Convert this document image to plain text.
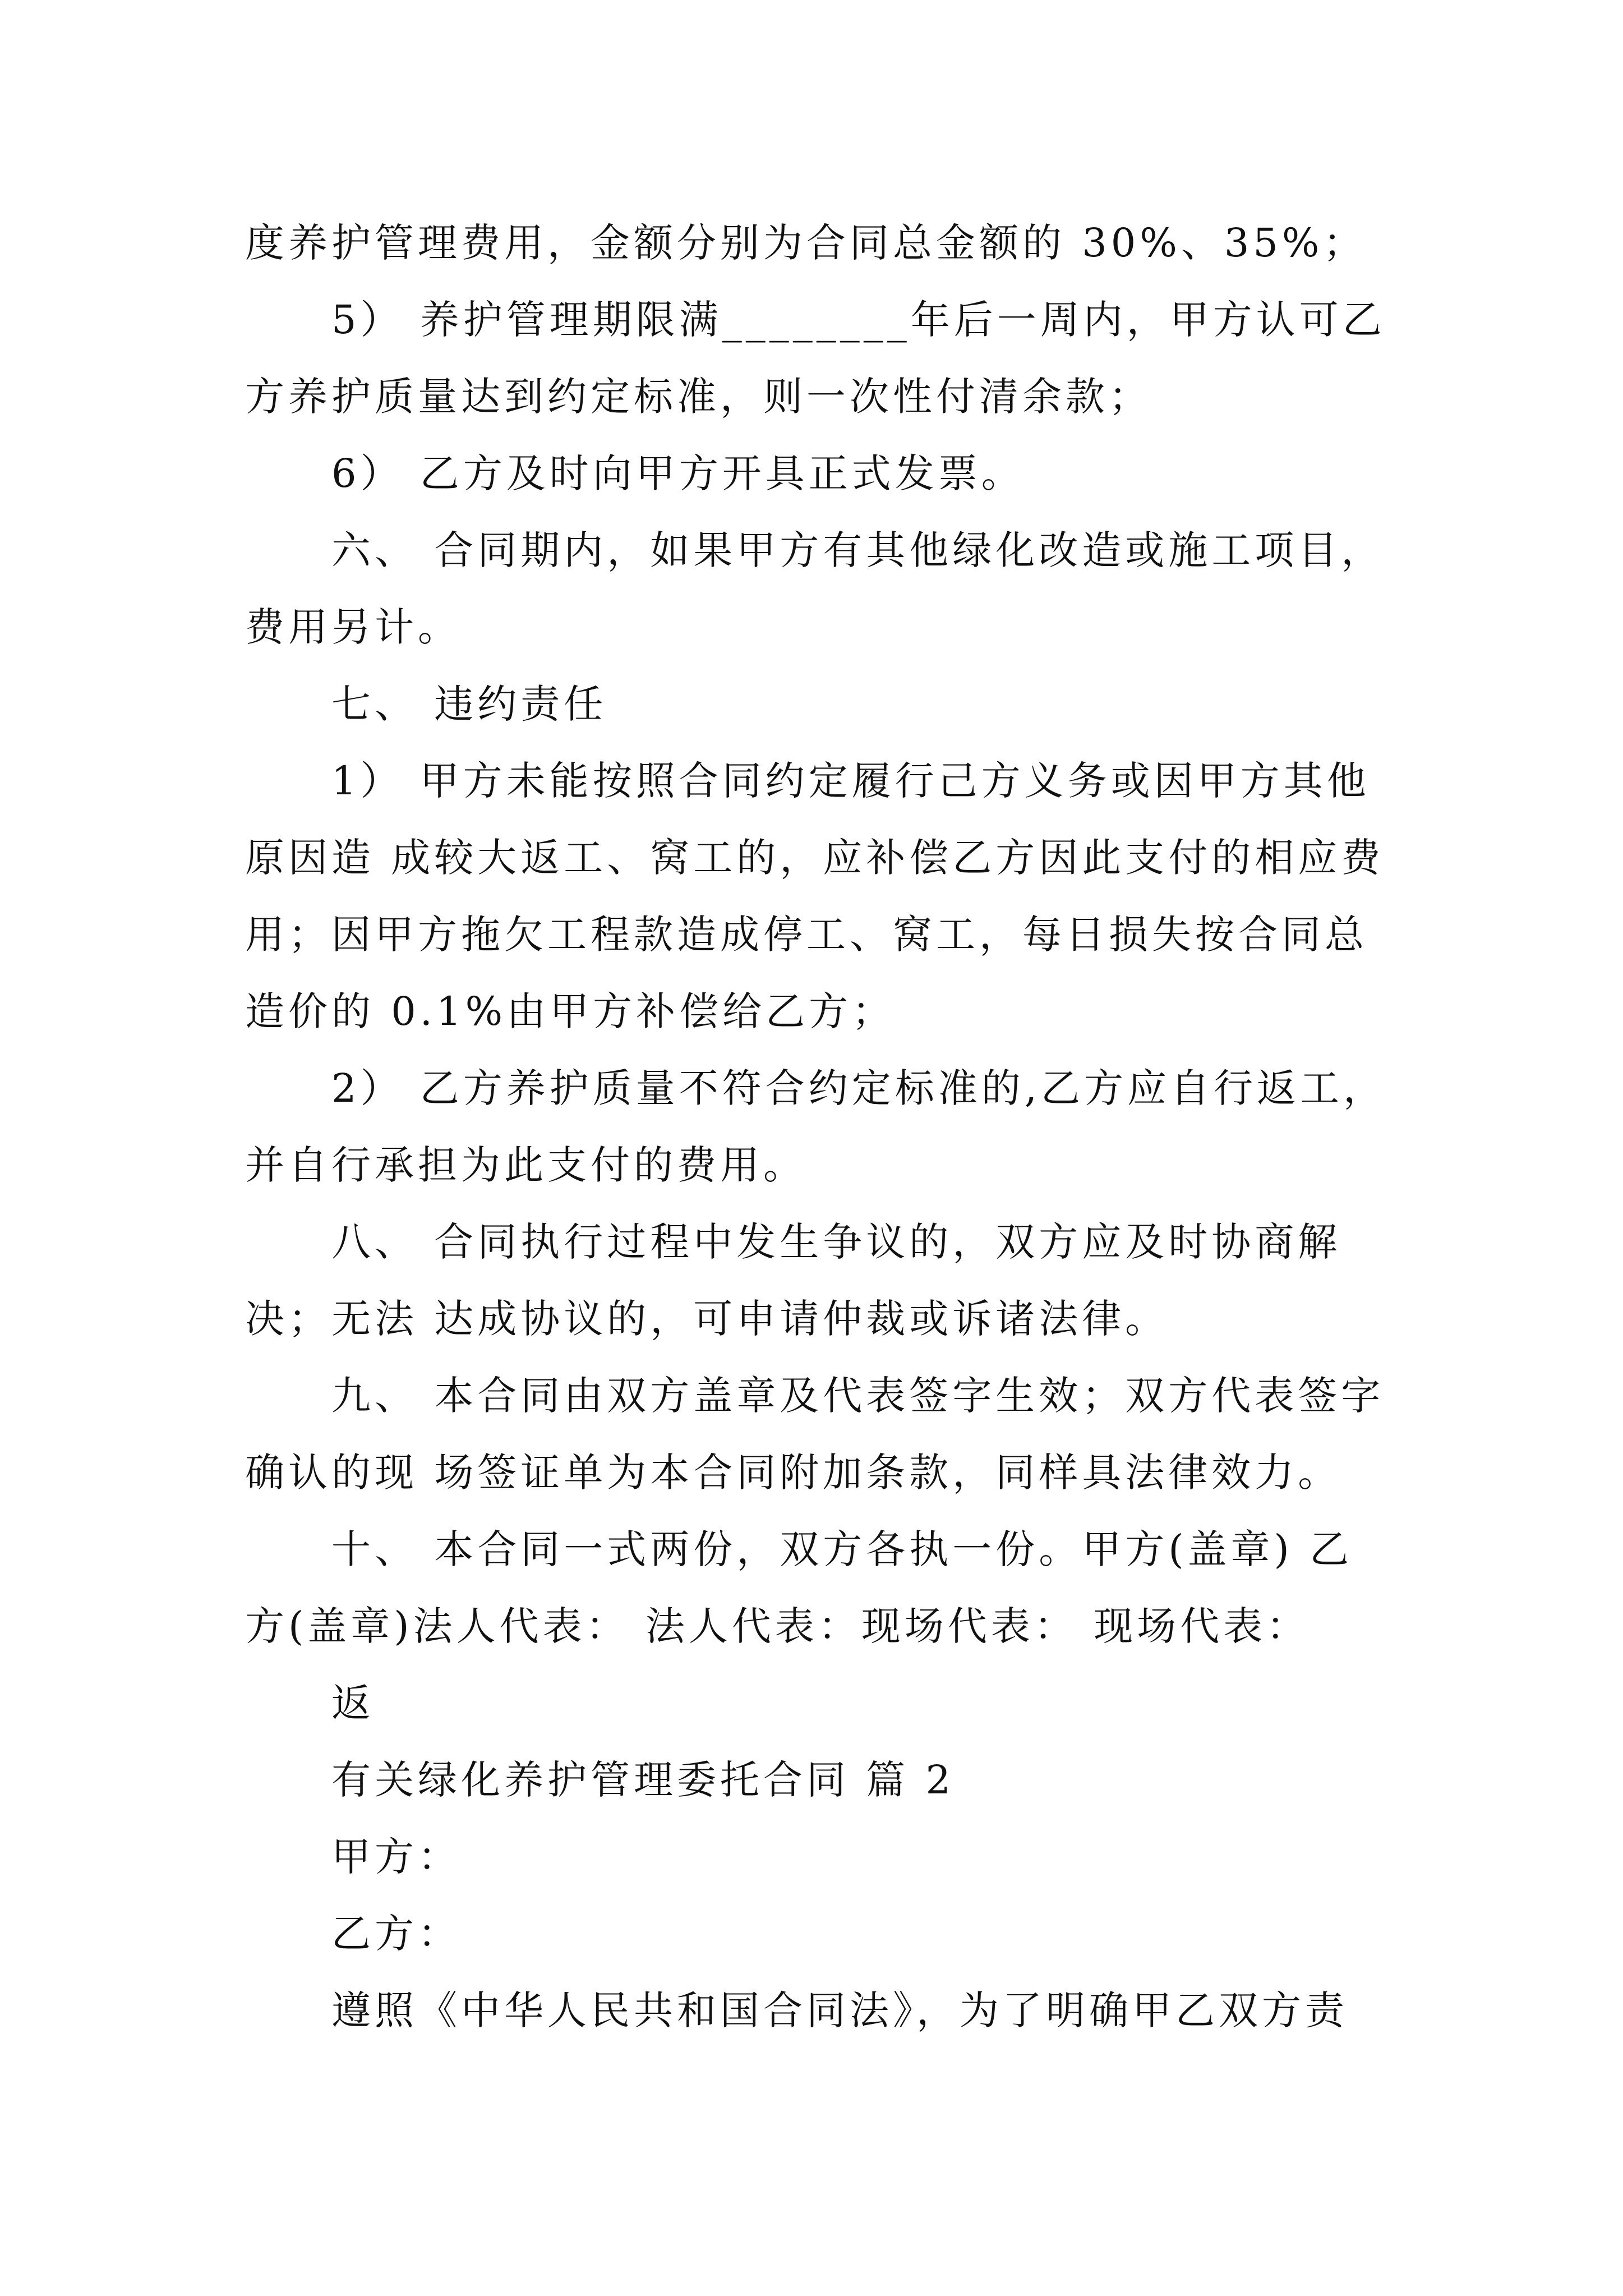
度养护管理费用，金额分别为合同总金额的 30%、35%；

5） 养护管理期限满________年后一周内，甲方认可乙方养护质量达到约定标准，则一次性付清余款；

6） 乙方及时向甲方开具正式发票。

六、 合同期内，如果甲方有其他绿化改造或施工项目，费用另计。

七、 违约责任

1） 甲方未能按照合同约定履行己方义务或因甲方其他原因造 成较大返工、窝工的，应补偿乙方因此支付的相应费用；因甲方拖欠工程款造成停工、窝工，每日损失按合同总造价的 0.1%由甲方补偿给乙方；

2） 乙方养护质量不符合约定标准的,乙方应自行返工，并自行承担为此支付的费用。

八、 合同执行过程中发生争议的，双方应及时协商解决；无法 达成协议的，可申请仲裁或诉诸法律。

九、 本合同由双方盖章及代表签字生效；双方代表签字确认的现 场签证单为本合同附加条款，同样具法律效力。

十、 本合同一式两份，双方各执一份。甲方(盖章) 乙方(盖章)法人代表： 法人代表：现场代表： 现场代表：

返

有关绿化养护管理委托合同 篇 2

甲方：

乙方：

遵照《中华人民共和国合同法》，为了明确甲乙双方责
